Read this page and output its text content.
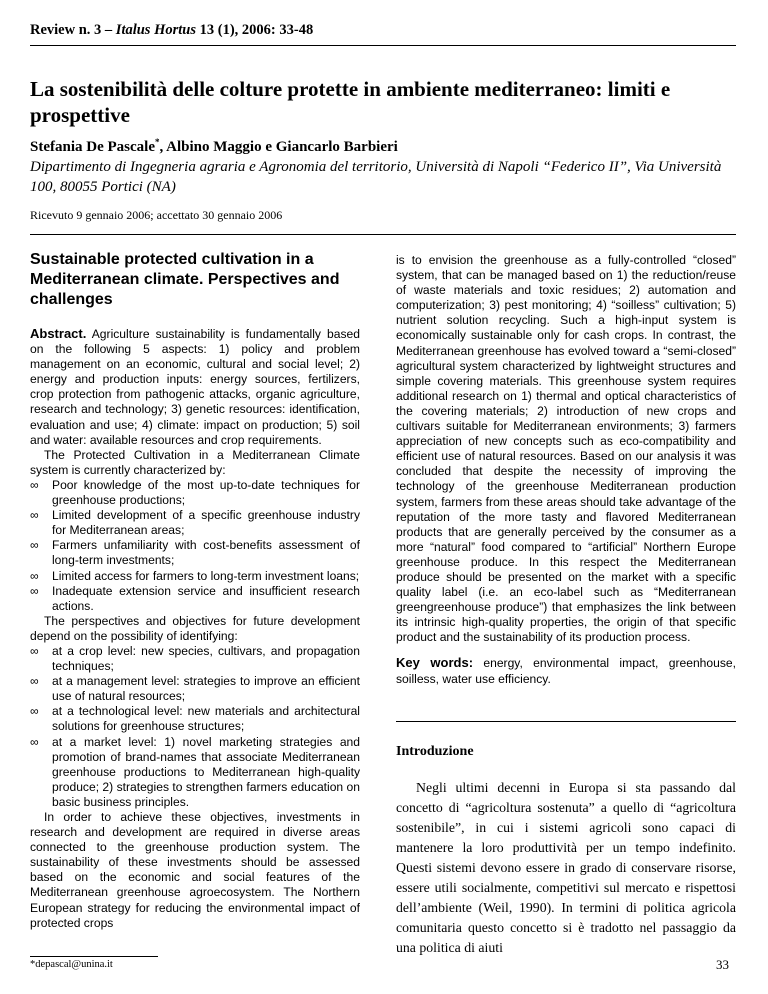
Review n. 3 – Italus Hortus 13 (1), 2006: 33-48
La sostenibilità delle colture protette in ambiente mediterraneo: limiti e prospettive
Stefania De Pascale*, Albino Maggio e Giancarlo Barbieri
Dipartimento di Ingegneria agraria e Agronomia del territorio, Università di Napoli “Federico II”, Via Università 100, 80055 Portici (NA)
Ricevuto 9 gennaio 2006; accettato 30 gennaio 2006
Sustainable protected cultivation in a Mediterranean climate. Perspectives and challenges

Abstract. Agriculture sustainability is fundamentally based on the following 5 aspects: 1) policy and problem management on an economic, cultural and social level; 2) energy and production inputs: energy sources, fertilizers, crop protection from pathogenic attacks, organic agriculture, research and technology; 3) genetic resources: identification, evaluation and use; 4) climate: impact on production; 5) soil and water: available resources and crop requirements.

The Protected Cultivation in a Mediterranean Climate system is currently characterized by:

∞ Poor knowledge of the most up-to-date techniques for greenhouse productions;
∞ Limited development of a specific greenhouse industry for Mediterranean areas;
∞ Farmers unfamiliarity with cost-benefits assessment of long-term investments;
∞ Limited access for farmers to long-term investment loans;
∞ Inadequate extension service and insufficient research actions.

The perspectives and objectives for future development depend on the possibility of identifying:

∞ at a crop level: new species, cultivars, and propagation techniques;
∞ at a management level: strategies to improve an efficient use of natural resources;
∞ at a technological level: new materials and architectural solutions for greenhouse structures;
∞ at a market level: 1) novel marketing strategies and promotion of brand-names that associate Mediterranean greenhouse productions to Mediterranean high-quality produce; 2) strategies to strengthen farmers education on basic business principles.

In order to achieve these objectives, investments in research and development are required in diverse areas connected to the greenhouse production system. The sustainability of these investments should be assessed based on the economic and social features of the Mediterranean greenhouse agroecosystem. The Northern European strategy for reducing the environmental impact of protected crops

*depascal@unina.it

is to envision the greenhouse as a fully-controlled “closed” system, that can be managed based on 1) the reduction/reuse of waste materials and toxic residues; 2) automation and computerization; 3) pest monitoring; 4) “soilless” cultivation; 5) nutrient solution recycling. Such a high-input system is economically sustainable only for cash crops. In contrast, the Mediterranean greenhouse has evolved toward a “semi-closed” agricultural system characterized by lightweight structures and simple covering materials. This greenhouse system requires additional research on 1) thermal and optical characteristics of the covering materials; 2) introduction of new crops and cultivars suitable for Mediterranean environments; 3) farmers appreciation of new concepts such as eco-compatibility and efficient use of natural resources. Based on our analysis it was concluded that despite the necessity of improving the technology of the greenhouse Mediterranean production system, farmers from these areas should take advantage of the reputation of the more tasty and flavored Mediterranean products that are generally perceived by the consumer as a more “natural” food compared to “artificial” Northern Europe greenhouse produce. In this respect the Mediterranean produce should be presented on the market with a specific quality label (i.e. an eco-label such as “Mediterranean greengreenhouse produce”) that emphasizes the link between its intrinsic high-quality properties, the origin of that specific product and the sustainability of its production process.

Key words: energy, environmental impact, greenhouse, soilless, water use efficiency.

Introduzione

Negli ultimi decenni in Europa si sta passando dal concetto di “agricoltura sostenuta” a quello di “agricoltura sostenibile”, in cui i sistemi agricoli sono capaci di mantenere la loro produttività per un tempo indefinito. Questi sistemi devono essere in grado di conservare risorse, essere utili socialmente, competitivi sul mercato e rispettosi dell’ambiente (Weil, 1990). In termini di politica agricola comunitaria questo concetto si è tradotto nel passaggio da una politica di aiuti

33
